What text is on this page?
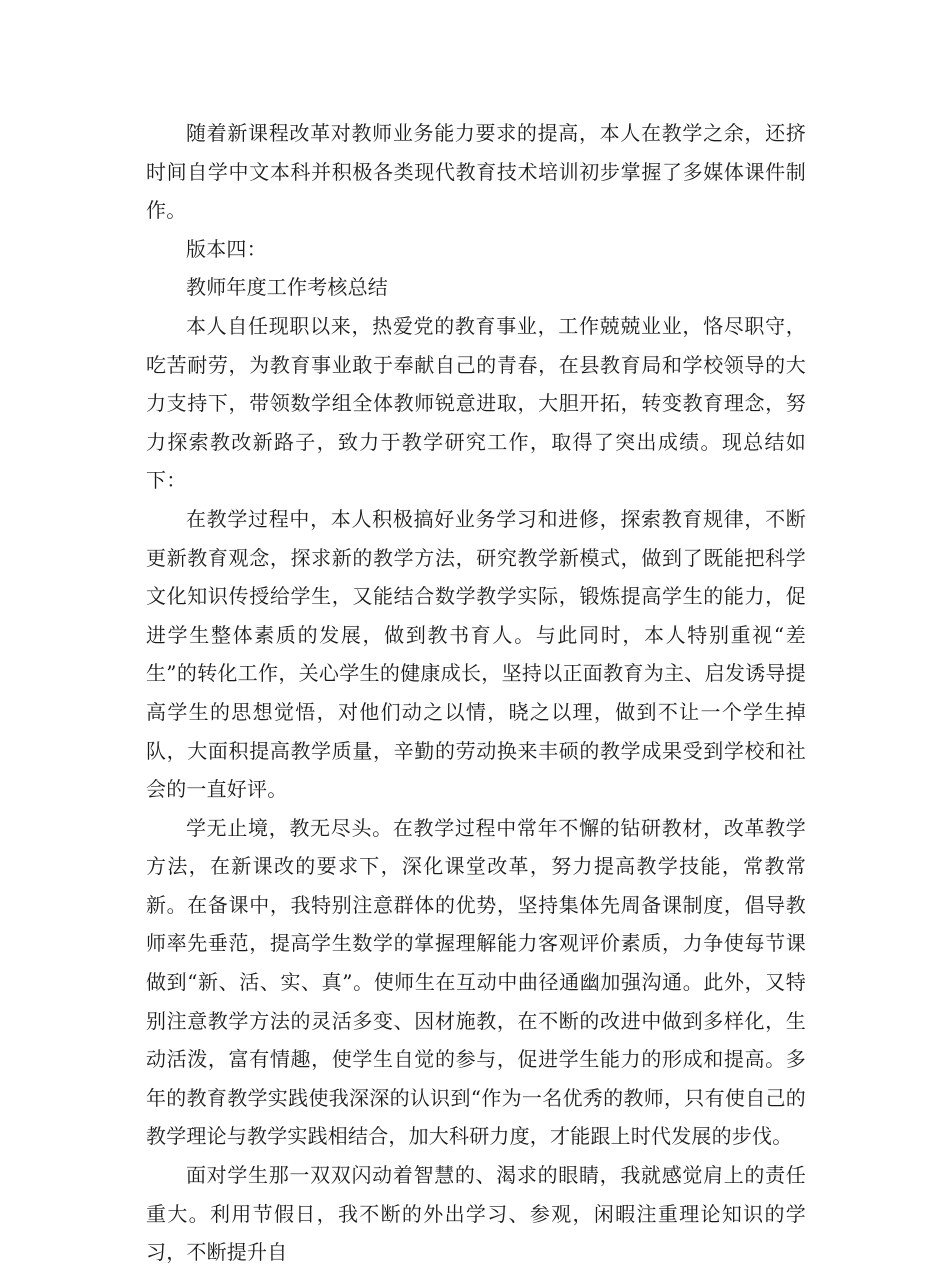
随着新课程改革对教师业务能力要求的提高，本人在教学之余，还挤时间自学中文本科并积极各类现代教育技术培训初步掌握了多媒体课件制作。

版本四：

教师年度工作考核总结

本人自任现职以来，热爱党的教育事业，工作兢兢业业，恪尽职守，吃苦耐劳，为教育事业敢于奉献自己的青春，在县教育局和学校领导的大力支持下，带领数学组全体教师锐意进取，大胆开拓，转变教育理念，努力探索教改新路子，致力于教学研究工作，取得了突出成绩。现总结如下：

在教学过程中，本人积极搞好业务学习和进修，探索教育规律，不断更新教育观念，探求新的教学方法，研究教学新模式，做到了既能把科学文化知识传授给学生，又能结合数学教学实际，锻炼提高学生的能力，促进学生整体素质的发展，做到教书育人。与此同时，本人特别重视“差生”的转化工作，关心学生的健康成长，坚持以正面教育为主、启发诱导提高学生的思想觉悟，对他们动之以情，晓之以理，做到不让一个学生掉队，大面积提高教学质量，辛勤的劳动换来丰硕的教学成果受到学校和社会的一直好评。

学无止境，教无尽头。在教学过程中常年不懈的钻研教材，改革教学方法，在新课改的要求下，深化课堂改革，努力提高教学技能，常教常新。在备课中，我特别注意群体的优势，坚持集体先周备课制度，倡导教师率先垂范，提高学生数学的掌握理解能力客观评价素质，力争使每节课做到“新、活、实、真”。使师生在互动中曲径通幽加强沟通。此外，又特别注意教学方法的灵活多变、因材施教，在不断的改进中做到多样化，生动活泼，富有情趣，使学生自觉的参与，促进学生能力的形成和提高。多年的教育教学实践使我深深的认识到“作为一名优秀的教师，只有使自己的教学理论与教学实践相结合，加大科研力度，才能跟上时代发展的步伐。

面对学生那一双双闪动着智慧的、渴求的眼睛，我就感觉肩上的责任重大。利用节假日，我不断的外出学习、参观，闲暇注重理论知识的学习，不断提升自
